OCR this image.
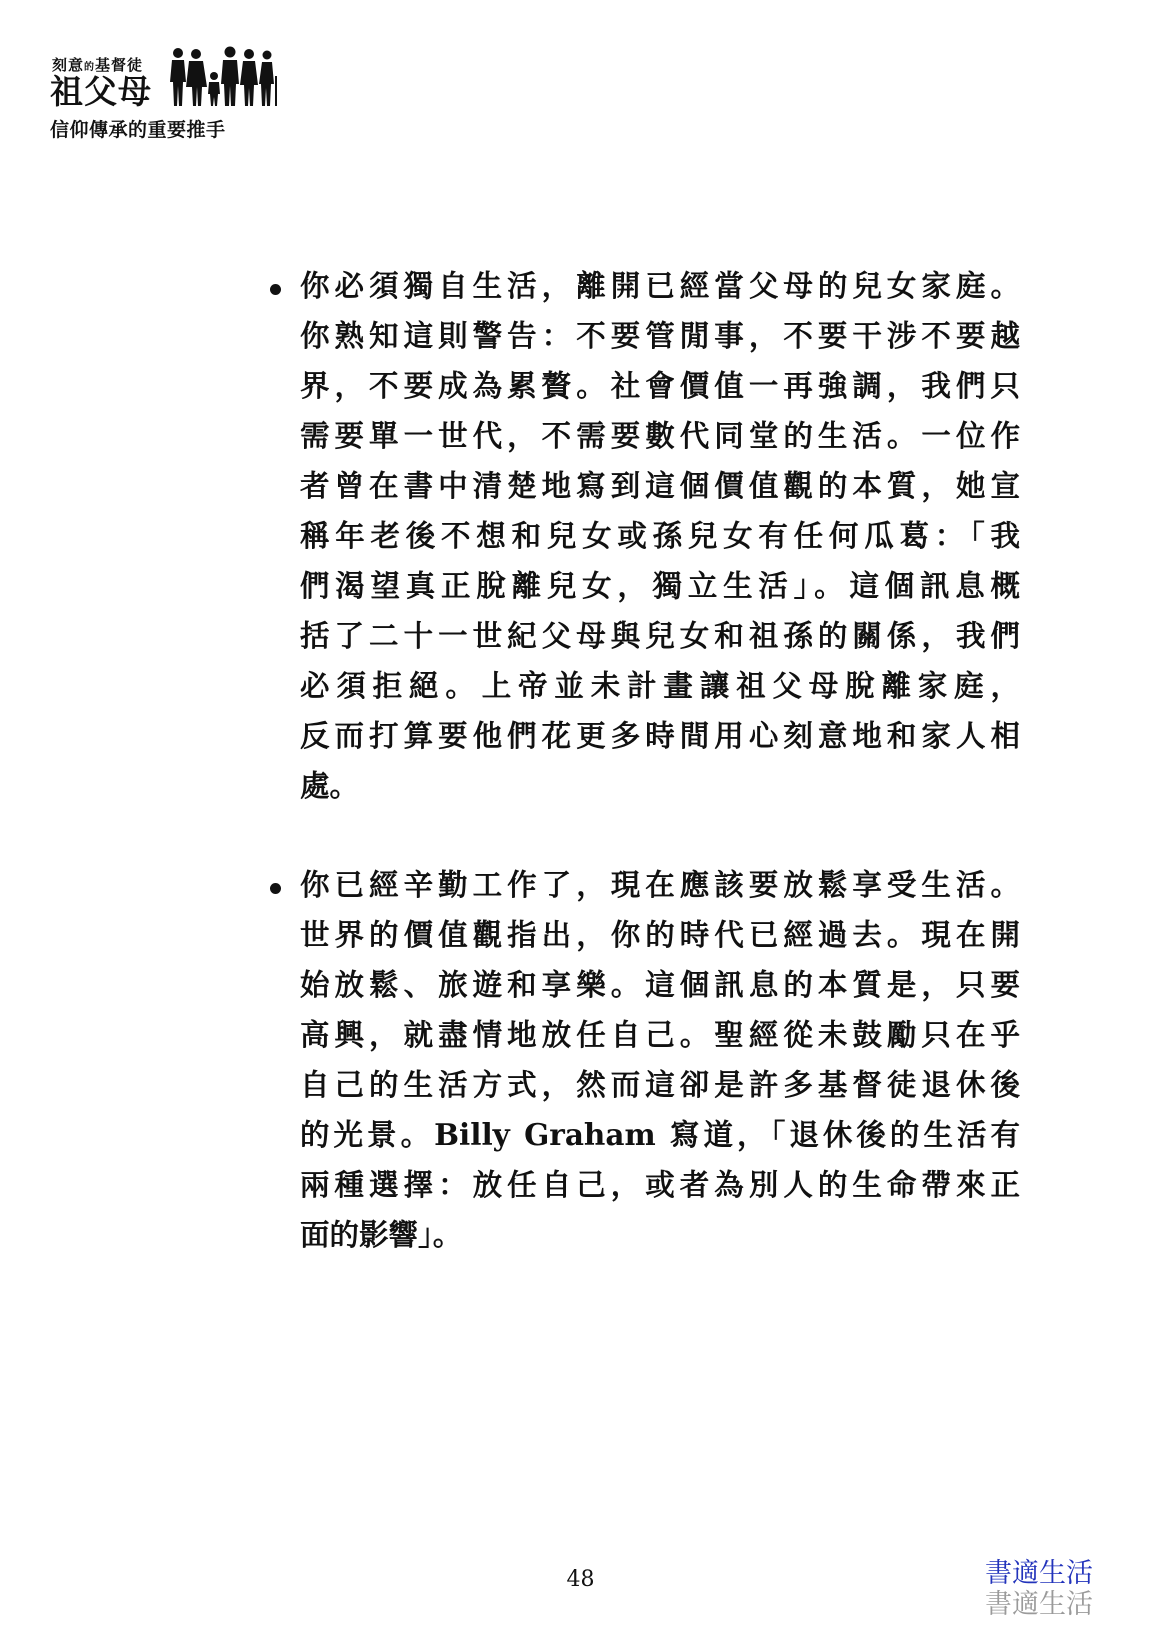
刻意的基督徒
祖父母
信仰傳承的重要推手
你必須獨自生活，離開已經當父母的兒女家庭。
你熟知這則警告：不要管閒事，不要干涉不要越
界，不要成為累贅。社會價值一再強調，我們只
需要單一世代，不需要數代同堂的生活。一位作
者曾在書中清楚地寫到這個價值觀的本質，她宣
稱年老後不想和兒女或孫兒女有任何瓜葛：「我
們渴望真正脫離兒女，獨立生活」。這個訊息概
括了二十一世紀父母與兒女和祖孫的關係，我們
必須拒絕。上帝並未計畫讓祖父母脫離家庭，
反而打算要他們花更多時間用心刻意地和家人相
處。
你已經辛勤工作了，現在應該要放鬆享受生活。
世界的價值觀指出，你的時代已經過去。現在開
始放鬆、旅遊和享樂。這個訊息的本質是，只要
高興，就盡情地放任自己。聖經從未鼓勵只在乎
自己的生活方式，然而這卻是許多基督徒退休後
的光景。Billy Graham 寫道，「退休後的生活有
兩種選擇：放任自己，或者為別人的生命帶來正
面的影響」。
48	書適生活
書適生活
